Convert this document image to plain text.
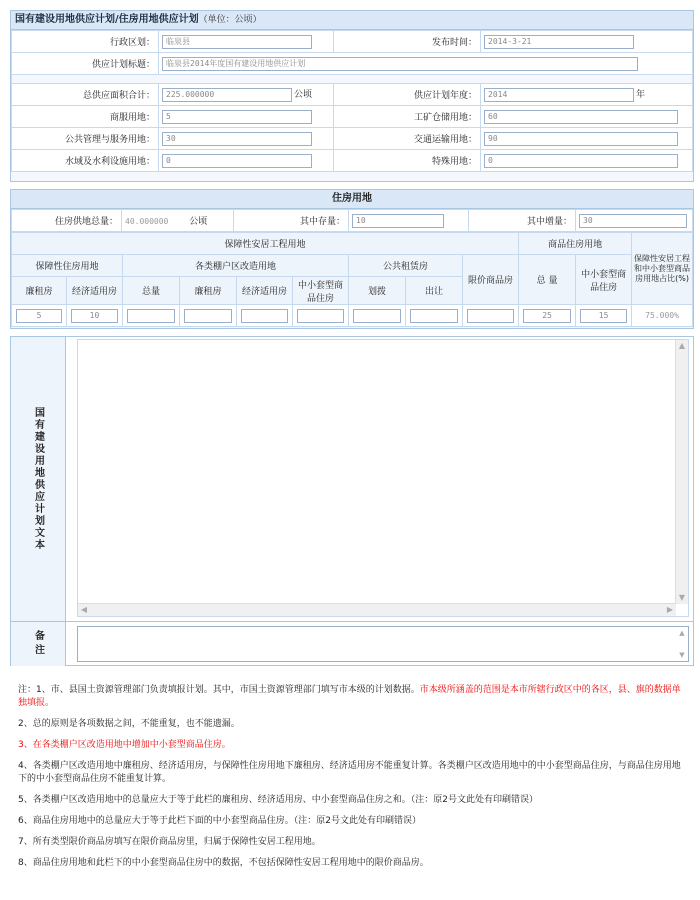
国有建设用地供应计划/住房用地供应计划（单位：公顷）
行政区划：	临泉县	发布时间：	2014-3-21
供应计划标题：	临泉县2014年度国有建设用地供应计划

总供应面积合计：	225.000000公顷	供应计划年度：	2014年
商服用地：	5	工矿仓储用地：	60
公共管理与服务用地：	30	交通运输用地：	90
水域及水利设施用地：	0	特殊用地：	0
住房用地
住房供地总量：	40.000000 公顷	其中存量：	10	其中增量：	30
保障性安居工程用地									商品住房用地		保障性安居工程和中小套型商品房用地占比(%)
保障性住房用地		各类棚户区改造用地				公共租赁房		限价商品房	总 量	中小套型商品住房	
廉租房	经济适用房	总量	廉租房	经济适用房	中小套型商品住房	划拨	出让				
5	10								25	15	75.000%
国有建设用地供应计划文本
▲
▼
◀	▶
备注	▲
▼

注：1、市、县国土资源管理部门负责填报计划。其中，市国土资源管理部门填写市本级的计划数据。市本级所涵盖的范围是本市所辖行政区中的各区，县、旗的数据单独填报。

2、总的原则是各项数据之间，不能重复，也不能遗漏。

3、在各类棚户区改造用地中增加中小套型商品住房。

4、各类棚户区改造用地中廉租房、经济适用房，与保障性住房用地下廉租房、经济适用房不能重复计算。各类棚户区改造用地中的中小套型商品住房，与商品住房用地下的中小套型商品住房不能重复计算。

5、各类棚户区改造用地中的总量应大于等于此栏的廉租房、经济适用房、中小套型商品住房之和。（注：原2号文此处有印刷错误）

6、商品住房用地中的总量应大于等于此栏下面的中小套型商品住房。（注：原2号文此处有印刷错误）

7、所有类型限价商品房填写在限价商品房里，归属于保障性安居工程用地。

8、商品住房用地和此栏下的中小套型商品住房中的数据，不包括保障性安居工程用地中的限价商品房。
